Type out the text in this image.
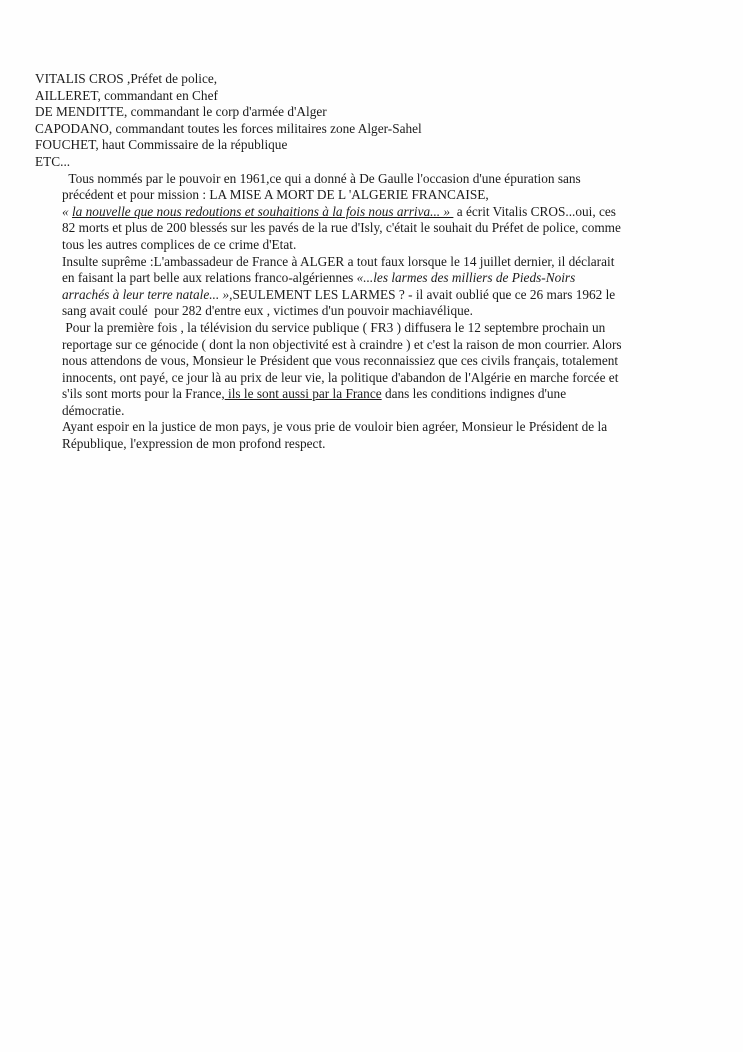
VITALIS CROS ,Préfet de police,
AILLERET, commandant en Chef
DE MENDITTE, commandant le corp d'armée d'Alger
CAPODANO, commandant toutes les forces militaires zone Alger-Sahel
FOUCHET, haut Commissaire de la république
ETC...
Tous nommés par le pouvoir en 1961,ce qui a donné à De Gaulle l'occasion d'une épuration sans
précédent et pour mission : LA MISE A MORT DE L 'ALGERIE FRANCAISE,
« la nouvelle que nous redoutions et souhaitions à la fois nous arriva... »  a écrit Vitalis CROS...oui, ces
82 morts et plus de 200 blessés sur les pavés de la rue d'Isly, c'était le souhait du Préfet de police, comme
tous les autres complices de ce crime d'Etat.
Insulte suprême :L'ambassadeur de France à ALGER a tout faux lorsque le 14 juillet dernier, il déclarait
en faisant la part belle aux relations franco-algériennes «...les larmes des milliers de Pieds-Noirs
arrachés à leur terre natale... »,SEULEMENT LES LARMES ? - il avait oublié que ce 26 mars 1962 le
sang avait coulé  pour 282 d'entre eux , victimes d'un pouvoir machiavélique.
Pour la première fois , la télévision du service publique ( FR3 ) diffusera le 12 septembre prochain un
reportage sur ce génocide ( dont la non objectivité est à craindre ) et c'est la raison de mon courrier. Alors
nous attendons de vous, Monsieur le Président que vous reconnaissiez que ces civils français, totalement
innocents, ont payé, ce jour là au prix de leur vie, la politique d'abandon de l'Algérie en marche forcée et
s'ils sont morts pour la France, ils le sont aussi par la France dans les conditions indignes d'une
démocratie.
Ayant espoir en la justice de mon pays, je vous prie de vouloir bien agréer, Monsieur le Président de la
République, l'expression de mon profond respect.
